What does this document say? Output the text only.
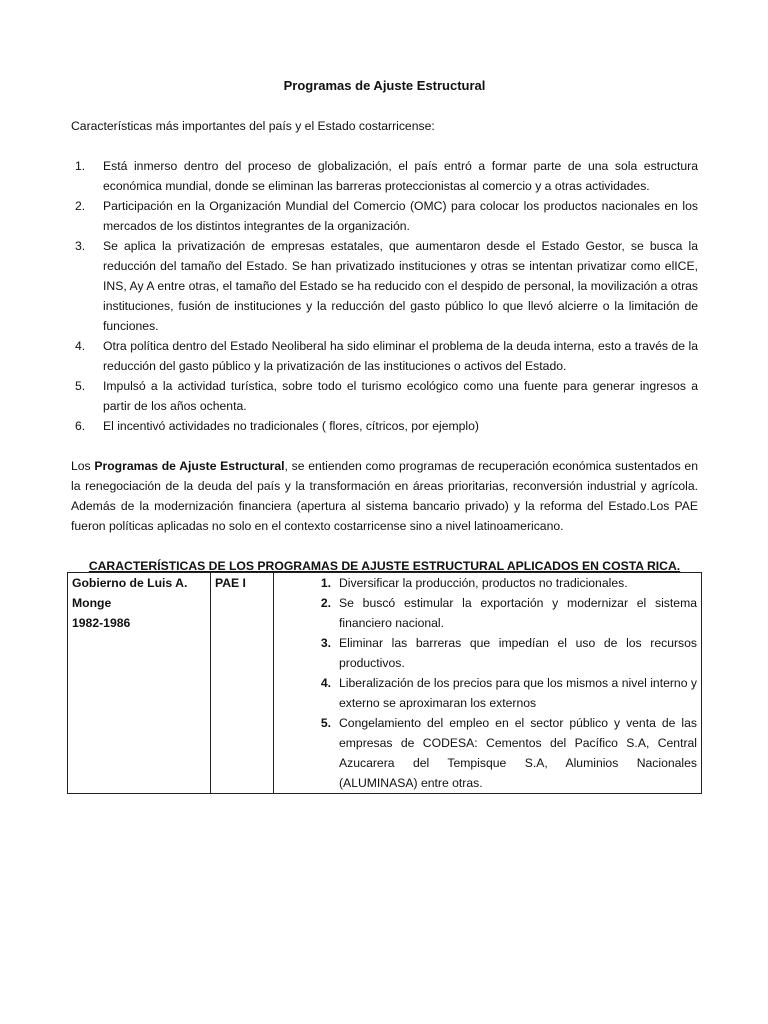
Programas de Ajuste Estructural
Características más importantes del país y el Estado costarricense:
1. Está inmerso dentro del proceso de globalización, el país entró a formar parte de una sola estructura económica mundial, donde se eliminan las barreras proteccionistas al comercio y a otras actividades.
2. Participación en la Organización Mundial del Comercio (OMC) para colocar los productos nacionales en los mercados de los distintos integrantes de la organización.
3. Se aplica la privatización de empresas estatales, que aumentaron desde el Estado Gestor, se busca la reducción del tamaño del Estado. Se han privatizado instituciones y otras se intentan privatizar como elICE, INS, Ay A entre otras, el tamaño del Estado se ha reducido con el despido de personal, la movilización a otras instituciones, fusión de instituciones y la reducción del gasto público lo que llevó alcierre o la limitación de funciones.
4. Otra política dentro del Estado Neoliberal ha sido eliminar el problema de la deuda interna, esto a través de la reducción del gasto público y la privatización de las instituciones o activos del Estado.
5. Impulsó a la actividad turística, sobre todo el turismo ecológico como una fuente para generar ingresos a partir de los años ochenta.
6. El incentivó actividades no tradicionales ( flores, cítricos, por ejemplo)
Los Programas de Ajuste Estructural, se entienden como programas de recuperación económica sustentados en la renegociación de la deuda del país y la transformación en áreas prioritarias, reconversión industrial y agrícola. Además de la modernización financiera (apertura al sistema bancario privado) y la reforma del Estado.Los PAE fueron políticas aplicadas no solo en el contexto costarricense sino a nivel latinoamericano.
CARACTERÍSTICAS DE LOS PROGRAMAS DE AJUSTE ESTRUCTURAL APLICADOS EN COSTA RICA.
Gobierno de Luis A.
Monge
1982-1986

PAE I	1. Diversificar la producción, productos no tradicionales.
2. Se buscó estimular la exportación y modernizar el sistema financiero nacional.
3. Eliminar las barreras que impedían el uso de los recursos productivos.
4. Liberalización de los precios para que los mismos a nivel interno y externo se aproximaran los externos
5. Congelamiento del empleo en el sector público y venta de las empresas de CODESA: Cementos del Pacífico S.A, Central Azucarera del Tempisque S.A, Aluminios Nacionales (ALUMINASA) entre otras.
